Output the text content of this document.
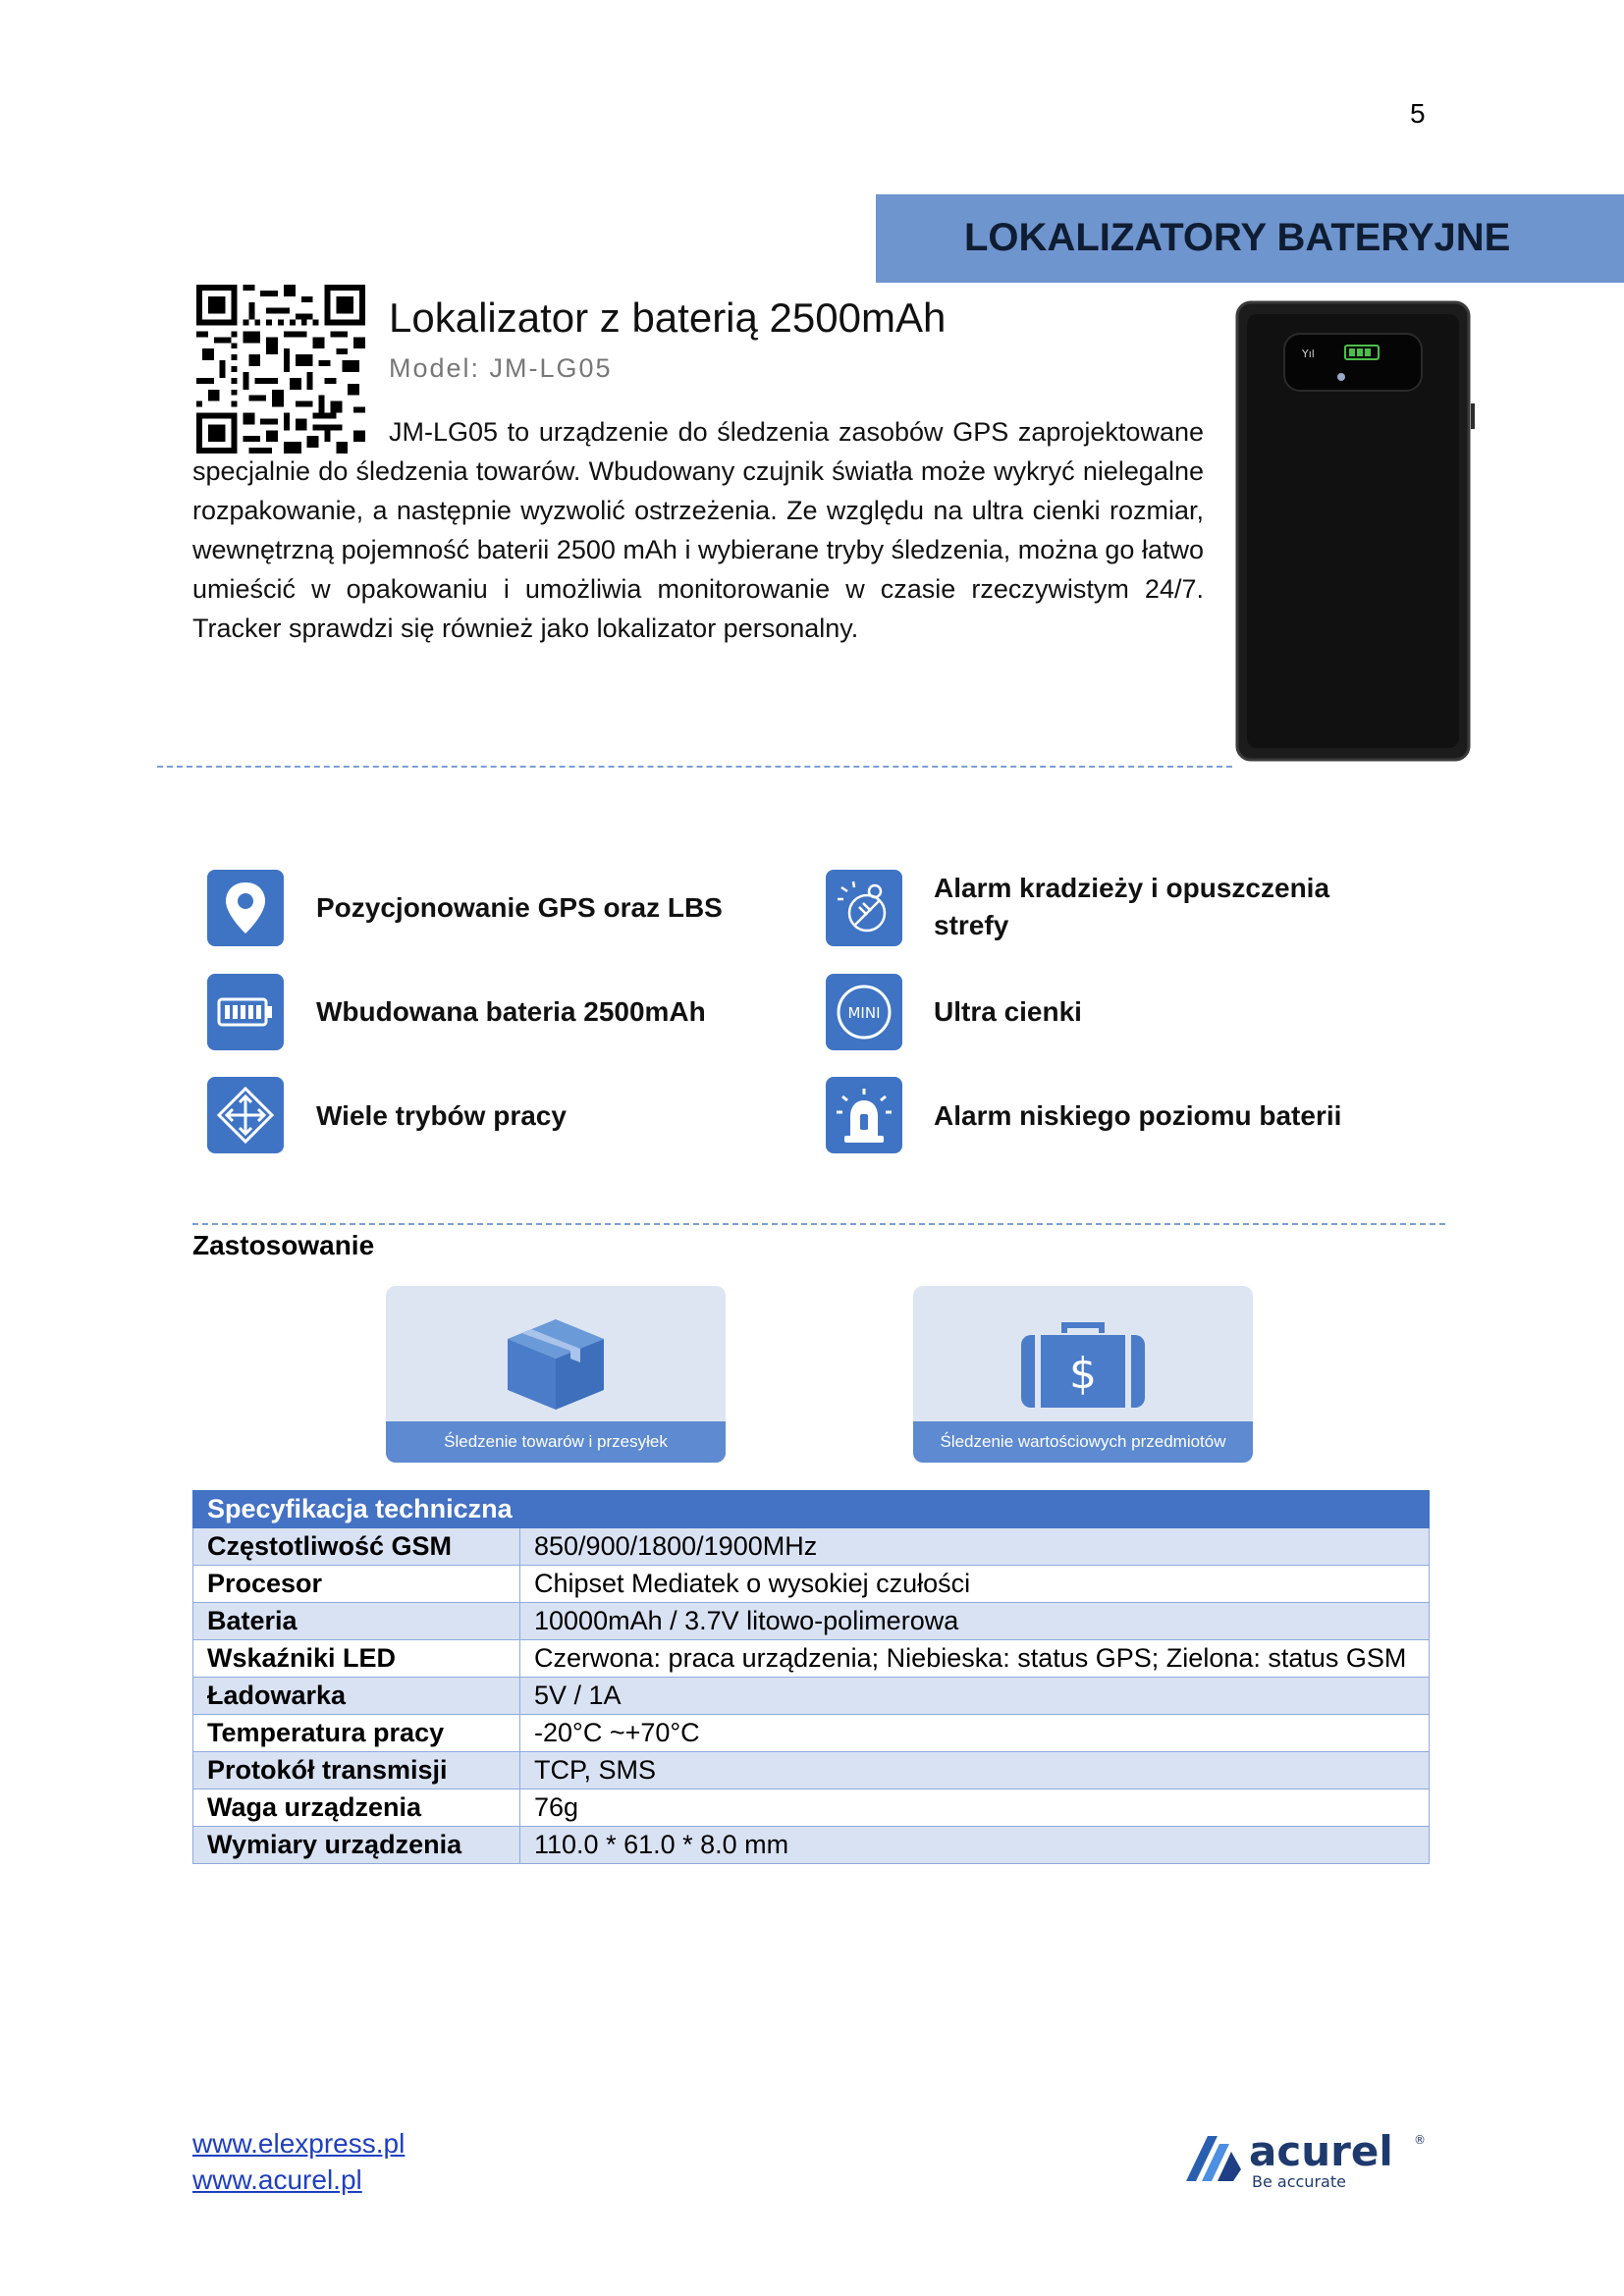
5
LOKALIZATORY BATERYJNE
Lokalizator z baterią 2500mAh
Model: JM-LG05
JM-LG05 to urządzenie do śledzenia zasobów GPS zaprojektowane specjalnie do śledzenia towarów. Wbudowany czujnik światła może wykryć nielegalne rozpakowanie, a następnie wyzwolić ostrzeżenia. Ze względu na ultra cienki rozmiar, wewnętrzną pojemność baterii 2500 mAh i wybierane tryby śledzenia, można go łatwo umieścić w opakowaniu i umożliwia monitorowanie w czasie rzeczywistym 24/7. Tracker sprawdzi się również jako lokalizator personalny.
Yıl
Pozycjonowanie GPS oraz LBS
Wbudowana bateria 2500mAh
Wiele trybów pracy
Alarm kradzieży i opuszczenia strefy
MINI Ultra cienki
Alarm niskiego poziomu baterii
Zastosowanie
Śledzenie towarów i przesyłek
$
Śledzenie wartościowych przedmiotów
Specyfikacja techniczna	
Częstotliwość GSM	850/900/1800/1900MHz
Procesor	Chipset Mediatek o wysokiej czułości
Bateria	10000mAh / 3.7V litowo-polimerowa
Wskaźniki LED	Czerwona: praca urządzenia; Niebieska: status GPS; Zielona: status GSM
Ładowarka	5V / 1A
Temperatura pracy	-20°C ~+70°C
Protokół transmisji	TCP, SMS
Waga urządzenia	76g
Wymiary urządzenia	110.0 * 61.0 * 8.0 mm
www.elexpress.pl
www.acurel.pl
acurel ®
Be accurate
